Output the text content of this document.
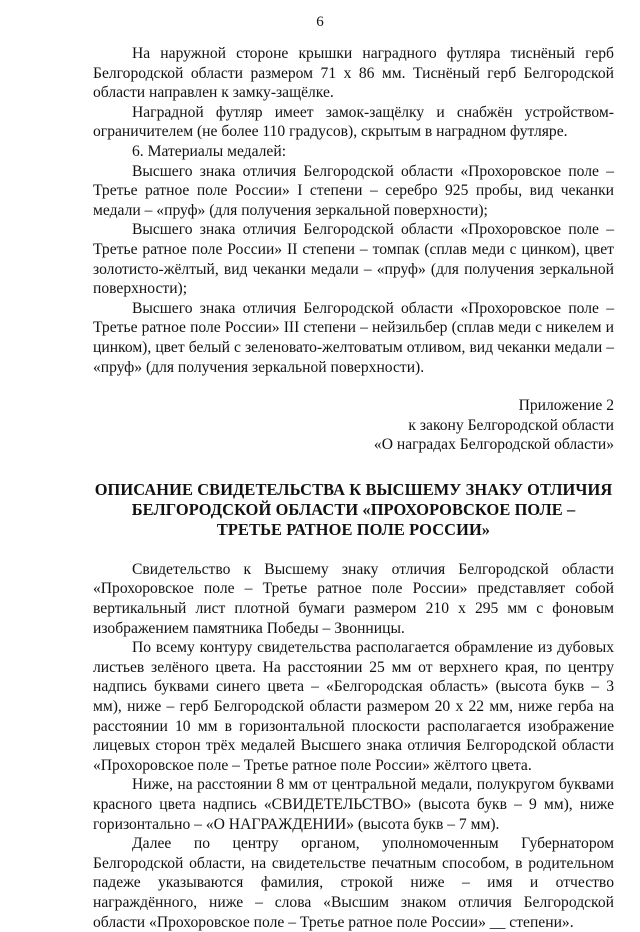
6

На наружной стороне крышки наградного футляра тиснёный герб Белгородской области размером 71 х 86 мм. Тиснёный герб Белгородской области направлен к замку-защёлке.

Наградной футляр имеет замок-защёлку и снабжён устройством-ограничителем (не более 110 градусов), скрытым в наградном футляре.

6. Материалы медалей:

Высшего знака отличия Белгородской области «Прохоровское поле – Третье ратное поле России» I степени – серебро 925 пробы, вид чеканки медали – «пруф» (для получения зеркальной поверхности);

Высшего знака отличия Белгородской области «Прохоровское поле – Третье ратное поле России» II степени – томпак (сплав меди с цинком), цвет золотисто-жёлтый, вид чеканки медали – «пруф» (для получения зеркальной поверхности);

Высшего знака отличия Белгородской области «Прохоровское поле – Третье ратное поле России» III степени – нейзильбер (сплав меди с никелем и цинком), цвет белый с зеленовато-желтоватым отливом, вид чеканки медали – «пруф» (для получения зеркальной поверхности).

Приложение 2
к закону Белгородской области
«О наградах Белгородской области»
ОПИСАНИЕ СВИДЕТЕЛЬСТВА К ВЫСШЕМУ ЗНАКУ ОТЛИЧИЯ
БЕЛГОРОДСКОЙ ОБЛАСТИ «ПРОХОРОВСКОЕ ПОЛЕ –
ТРЕТЬЕ РАТНОЕ ПОЛЕ РОССИИ»

Свидетельство к Высшему знаку отличия Белгородской области «Прохоровское поле – Третье ратное поле России» представляет собой вертикальный лист плотной бумаги размером 210 х 295 мм с фоновым изображением памятника Победы – Звонницы.

По всему контуру свидетельства располагается обрамление из дубовых листьев зелёного цвета. На расстоянии 25 мм от верхнего края, по центру надпись буквами синего цвета – «Белгородская область» (высота букв – 3 мм), ниже – герб Белгородской области размером 20 х 22 мм, ниже герба на расстоянии 10 мм в горизонтальной плоскости располагается изображение лицевых сторон трёх медалей Высшего знака отличия Белгородской области «Прохоровское поле – Третье ратное поле России» жёлтого цвета.

Ниже, на расстоянии 8 мм от центральной медали, полукругом буквами красного цвета надпись «СВИДЕТЕЛЬСТВО» (высота букв – 9 мм), ниже горизонтально – «О НАГРАЖДЕНИИ» (высота букв – 7 мм).

Далее по центру органом, уполномоченным Губернатором Белгородской области, на свидетельстве печатным способом, в родительном падеже указываются фамилия, строкой ниже – имя и отчество награждённого, ниже – слова «Высшим знаком отличия Белгородской области «Прохоровское поле – Третье ратное поле России» __ степени».
